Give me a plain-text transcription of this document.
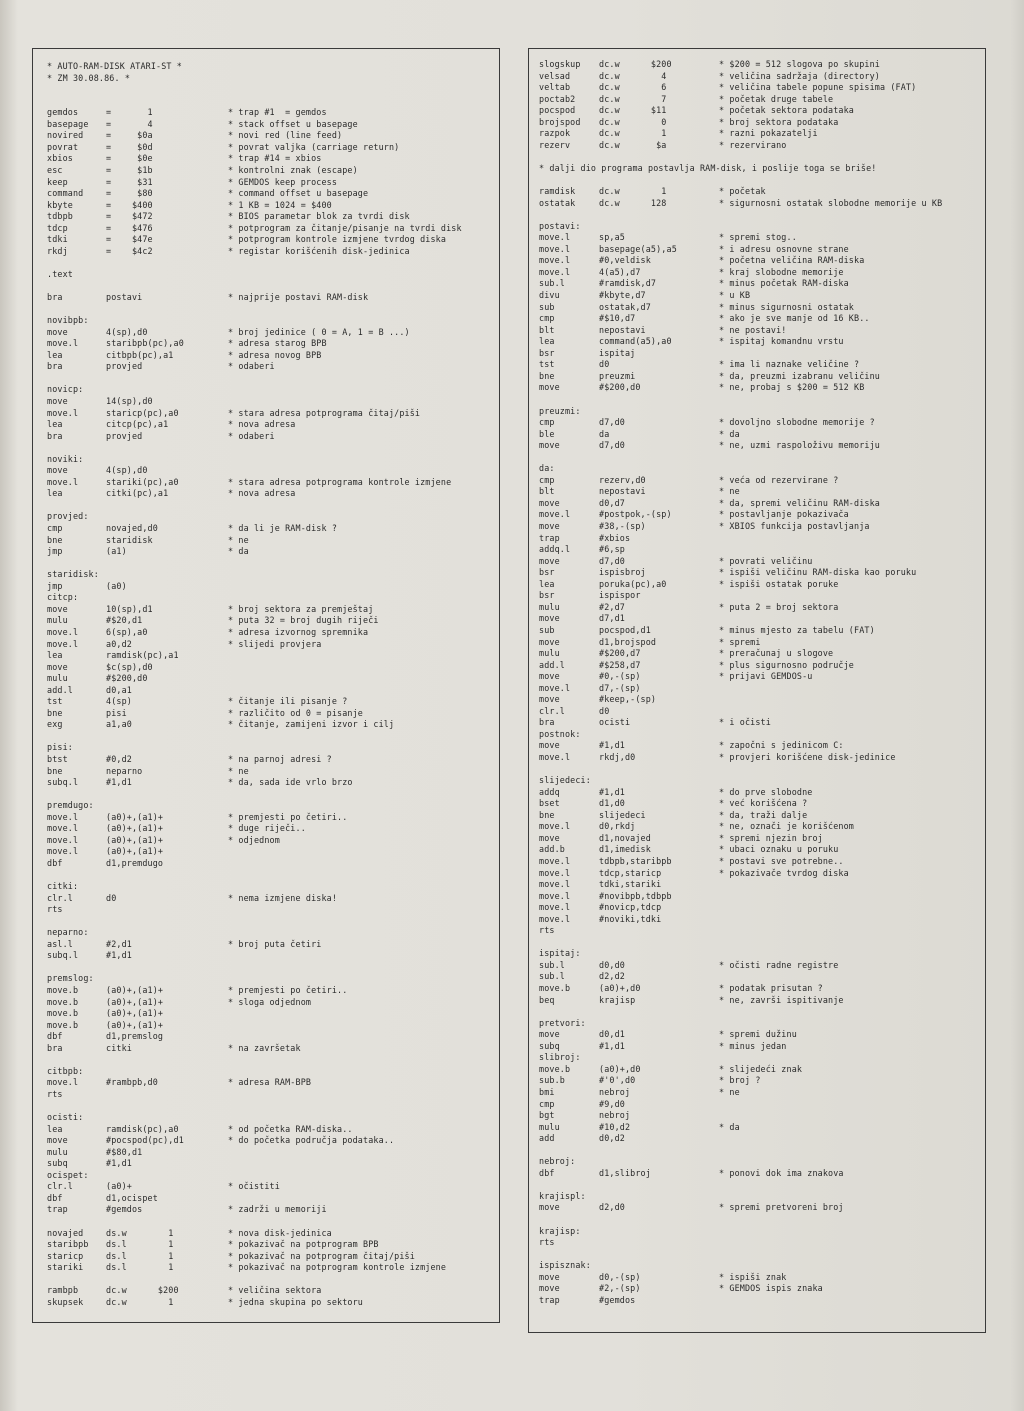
* AUTO-RAM-DISK ATARI-ST *
* ZM 30.08.86. *
gemdos	=       1	* trap #1  = gemdos
basepage =       4	* stack offset u basepage
novired	=     $0a	* novi red (line feed)
povrat	=     $0d	* povrat valjka (carriage return)
xbios	=     $0e	* trap #14 = xbios
esc	=     $1b	* kontrolni znak (escape)
keep	=     $31	* GEMDOS keep process
command	=     $80	* command offset u basepage
kbyte	=    $400	* 1 KB = 1024 = $400
tdbpb	=    $472	* BIOS parametar blok za tvrdi disk
tdcp	=    $476	* potprogram za čitanje/pisanje na tvrdi disk
tdki	=    $47e	* potprogram kontrole izmjene tvrdog diska
rkdj	=    $4c2	* registar korišćenih disk-jedinica
.text
bra	postavi	* najprije postavi RAM-disk
novibpb:
move	4(sp),d0	* broj jedinice ( 0 = A, 1 = B ...)
move.l	staribpb(pc),a0	* adresa starog BPB
lea	citbpb(pc),a1	* adresa novog BPB
bra	provjed	* odaberi
novicp:
move	14(sp),d0
move.l	staricp(pc),a0	* stara adresa potprograma čitaj/piši
lea	citcp(pc),a1	* nova adresa
bra	provjed	* odaberi
noviki:
move	4(sp),d0
move.l	stariki(pc),a0	* stara adresa potprograma kontrole izmjene
lea	citki(pc),a1	* nova adresa
provjed:
cmp	novajed,d0	* da li je RAM-disk ?
bne	staridisk	* ne
jmp	(a1)	* da
staridisk:
jmp	(a0)
citcp:
move	10(sp),d1	* broj sektora za premještaj
mulu	#$20,d1	* puta 32 = broj dugih riječi
move.l	6(sp),a0	* adresa izvornog spremnika
move.l	a0,d2	* slijedi provjera
lea	ramdisk(pc),a1
move	$c(sp),d0
mulu	#$200,d0
add.l	d0,a1
tst	4(sp)	* čitanje ili pisanje ?
bne	pisi	* različito od 0 = pisanje
exg	a1,a0	* čitanje, zamijeni izvor i cilj
pisi:
btst	#0,d2	* na parnoj adresi ?
bne	neparno	* ne
subq.l	#1,d1	* da, sada ide vrlo brzo
premdugo:
move.l	(a0)+,(a1)+	* premjesti po četiri..
move.l	(a0)+,(a1)+	* duge riječi..
move.l	(a0)+,(a1)+	* odjednom
move.l	(a0)+,(a1)+
dbf	d1,premdugo
citki:
clr.l	d0	* nema izmjene diska!
rts
neparno:
asl.l	#2,d1	* broj puta četiri
subq.l	#1,d1
premslog:
move.b	(a0)+,(a1)+	* premjesti po četiri..
move.b	(a0)+,(a1)+	* sloga odjednom
move.b	(a0)+,(a1)+
move.b	(a0)+,(a1)+
dbf	d1,premslog
bra	citki	* na završetak
citbpb:
move.l	#rambpb,d0	* adresa RAM-BPB
rts
ocisti:
lea	ramdisk(pc),a0	* od početka RAM-diska..
move	#pocspod(pc),d1	* do početka područja podataka..
mulu	#$80,d1
subq	#1,d1
ocispet:
clr.l	(a0)+	* očistiti
dbf	d1,ocispet
trap	#gemdos	* zadrži u memoriji
novajed	ds.w        1	* nova disk-jedinica
staribpb ds.l        1	* pokazivač na potprogram BPB
staricp	ds.l        1	* pokazivač na potprogram čitaj/piši
stariki	ds.l        1	* pokazivač na potprogram kontrole izmjene
rambpb	dc.w      $200	* veličina sektora
skupsek	dc.w        1	* jedna skupina po sektoru
slogskup dc.w      $200	* $200 = 512 slogova po skupini
velsad	dc.w        4	* veličina sadržaja (directory)
veltab	dc.w        6	* veličina tabele popune spisima (FAT)
poctab2	dc.w        7	* početak druge tabele
pocspod	dc.w      $11	* početak sektora podataka
brojspod dc.w        0	* broj sektora podataka
razpok	dc.w        1	* razni pokazatelji
rezerv	dc.w       $a	* rezervirano
* dalji dio programa postavlja RAM-disk, i poslije toga se briše!
ramdisk	dc.w        1	* početak
ostatak	dc.w      128	* sigurnosni ostatak slobodne memorije u KB
postavi:
move.l	sp,a5	* spremi stog..
move.l	basepage(a5),a5	* i adresu osnovne strane
move.l	#0,veldisk	* početna veličina RAM-diska
move.l	4(a5),d7	* kraj slobodne memorije
sub.l	#ramdisk,d7	* minus početak RAM-diska
divu	#kbyte,d7	* u KB
sub	ostatak,d7	* minus sigurnosni ostatak
cmp	#$10,d7	* ako je sve manje od 16 KB..
blt	nepostavi	* ne postavi!
lea	command(a5),a0	* ispitaj komandnu vrstu
bsr	ispitaj
tst	d0	* ima li naznake veličine ?
bne	preuzmi	* da, preuzmi izabranu veličinu
move	#$200,d0	* ne, probaj s $200 = 512 KB
preuzmi:
cmp	d7,d0	* dovoljno slobodne memorije ?
ble	da	* da
move	d7,d0	* ne, uzmi raspoloživu memoriju
da:
cmp	rezerv,d0	* veća od rezervirane ?
blt	nepostavi	* ne
move	d0,d7	* da, spremi veličinu RAM-diska
move.l	#postpok,-(sp)	* postavljanje pokazivača
move	#38,-(sp)	* XBIOS funkcija postavljanja
trap	#xbios
addq.l	#6,sp
move	d7,d0	* povrati veličinu
bsr	ispisbroj	* ispiši veličinu RAM-diska kao poruku
lea	poruka(pc),a0	* ispiši ostatak poruke
bsr	ispispor
mulu	#2,d7	* puta 2 = broj sektora
move	d7,d1
sub	pocspod,d1	* minus mjesto za tabelu (FAT)
move	d1,brojspod	* spremi
mulu	#$200,d7	* preračunaj u slogove
add.l	#$258,d7	* plus sigurnosno područje
move	#0,-(sp)	* prijavi GEMDOS-u
move.l	d7,-(sp)
move	#keep,-(sp)
clr.l	d0
bra	ocisti	* i očisti
postnok:
move	#1,d1	* započni s jedinicom C:
move.l	rkdj,d0	* provjeri korišćene disk-jedinice
slijedeci:
addq	#1,d1	* do prve slobodne
bset	d1,d0	* već korišćena ?
bne	slijedeci	* da, traži dalje
move.l	d0,rkdj	* ne, označi je korišćenom
move	d1,novajed	* spremi njezin broj
add.b	d1,imedisk	* ubaci oznaku u poruku
move.l	tdbpb,staribpb	* postavi sve potrebne..
move.l	tdcp,staricp	* pokazivače tvrdog diska
move.l	tdki,stariki
move.l	#novibpb,tdbpb
move.l	#novicp,tdcp
move.l	#noviki,tdki
rts
ispitaj:
sub.l	d0,d0	* očisti radne registre
sub.l	d2,d2
move.b	(a0)+,d0	* podatak prisutan ?
beq	krajisp	* ne, završi ispitivanje
pretvori:
move	d0,d1	* spremi dužinu
subq	#1,d1	* minus jedan
slibroj:
move.b	(a0)+,d0	* slijedeći znak
sub.b	#'0',d0	* broj ?
bmi	nebroj	* ne
cmp	#9,d0
bgt	nebroj
mulu	#10,d2	* da
add	d0,d2
nebroj:
dbf	d1,slibroj	* ponovi dok ima znakova
krajispl:
move	d2,d0	* spremi pretvoreni broj
krajisp:
rts
ispisznak:
move	d0,-(sp)	* ispiši znak
move	#2,-(sp)	* GEMDOS ispis znaka
trap	#gemdos
